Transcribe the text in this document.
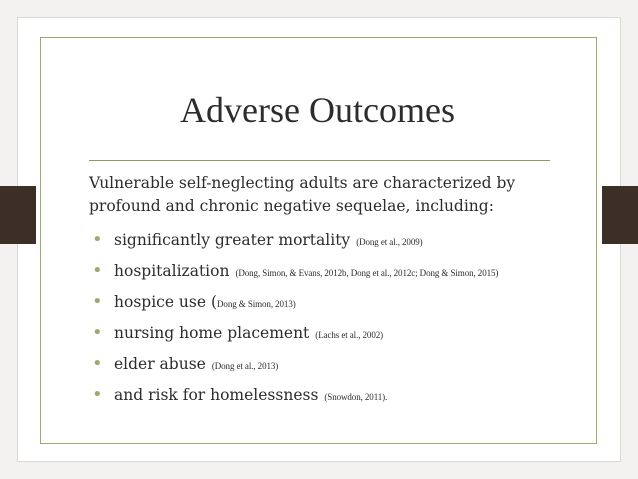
Adverse Outcomes
Vulnerable self-neglecting adults are characterized by profound and chronic negative sequelae, including:
• significantly greater mortality (Dong et al., 2009)
• hospitalization (Dong, Simon, & Evans, 2012b, Dong et al., 2012c; Dong & Simon, 2015)
• hospice use (Dong & Simon, 2013)
• nursing home placement (Lachs et al., 2002)
• elder abuse (Dong et al., 2013)
• and risk for homelessness (Snowdon, 2011).
